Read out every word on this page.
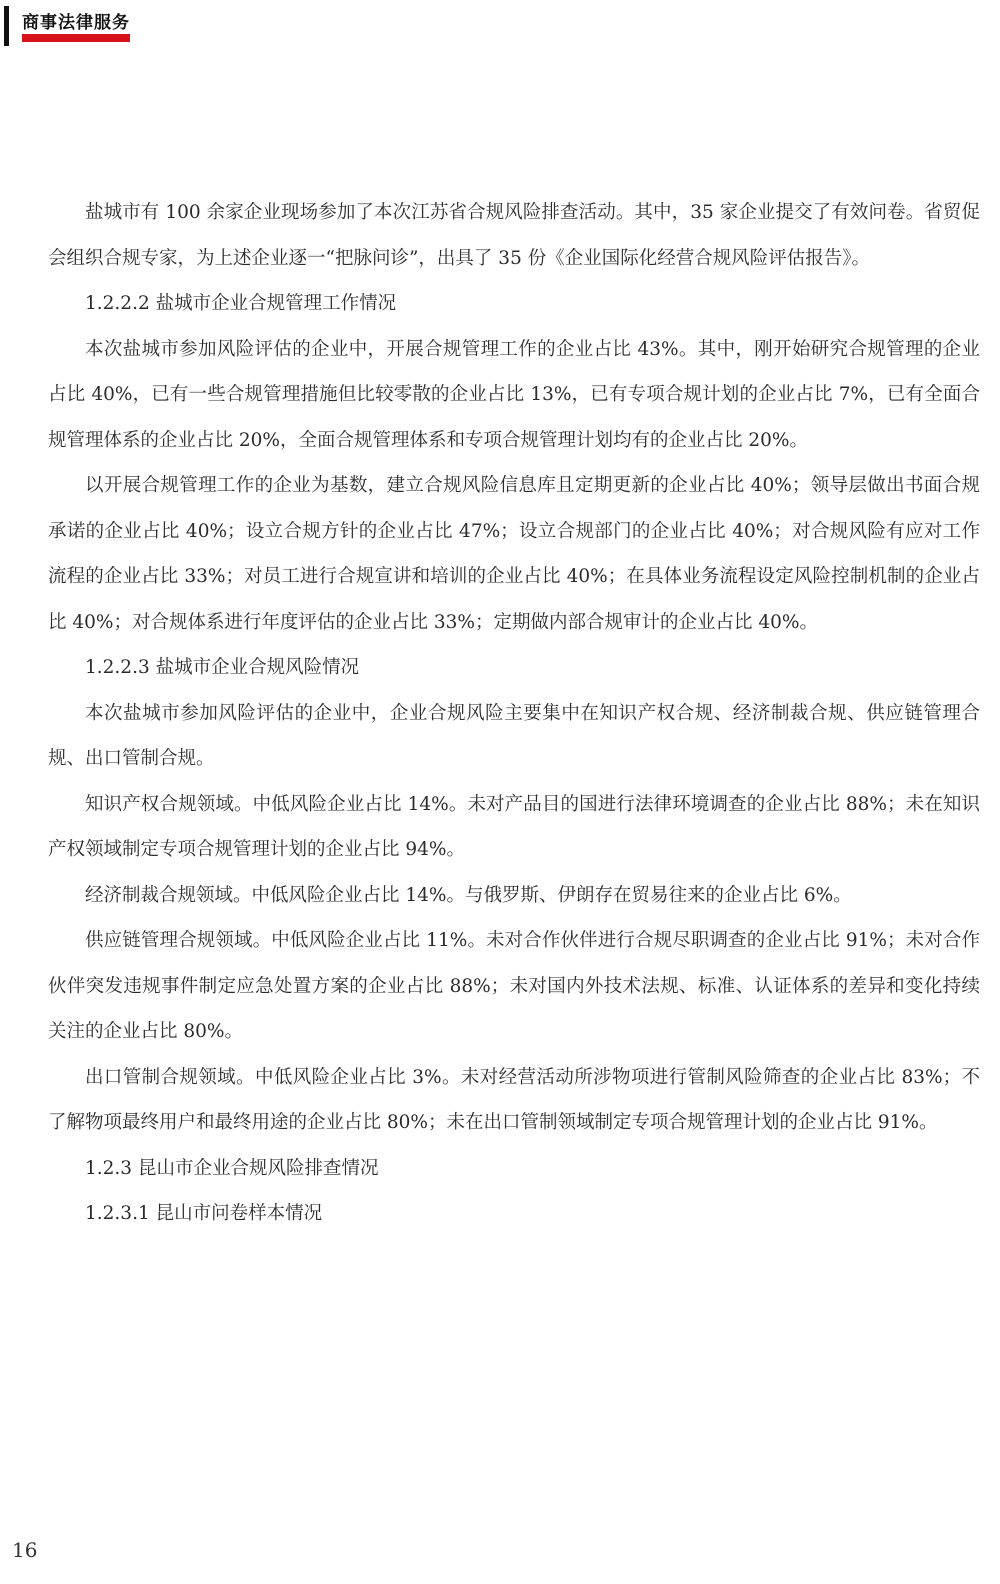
商事法律服务

盐城市有 100 余家企业现场参加了本次江苏省合规风险排查活动。其中，35 家企业提交了有效问卷。省贸促会组织合规专家，为上述企业逐一“把脉问诊”，出具了 35 份《企业国际化经营合规风险评估报告》。

1.2.2.2 盐城市企业合规管理工作情况

本次盐城市参加风险评估的企业中，开展合规管理工作的企业占比 43%。其中，刚开始研究合规管理的企业占比 40%，已有一些合规管理措施但比较零散的企业占比 13%，已有专项合规计划的企业占比 7%，已有全面合规管理体系的企业占比 20%，全面合规管理体系和专项合规管理计划均有的企业占比 20%。

以开展合规管理工作的企业为基数，建立合规风险信息库且定期更新的企业占比 40%；领导层做出书面合规承诺的企业占比 40%；设立合规方针的企业占比 47%；设立合规部门的企业占比 40%；对合规风险有应对工作流程的企业占比 33%；对员工进行合规宣讲和培训的企业占比 40%；在具体业务流程设定风险控制机制的企业占比 40%；对合规体系进行年度评估的企业占比 33%；定期做内部合规审计的企业占比 40%。

1.2.2.3 盐城市企业合规风险情况

本次盐城市参加风险评估的企业中，企业合规风险主要集中在知识产权合规、经济制裁合规、供应链管理合规、出口管制合规。

知识产权合规领域。中低风险企业占比 14%。未对产品目的国进行法律环境调查的企业占比 88%；未在知识产权领域制定专项合规管理计划的企业占比 94%。

经济制裁合规领域。中低风险企业占比 14%。与俄罗斯、伊朗存在贸易往来的企业占比 6%。

供应链管理合规领域。中低风险企业占比 11%。未对合作伙伴进行合规尽职调查的企业占比 91%；未对合作伙伴突发违规事件制定应急处置方案的企业占比 88%；未对国内外技术法规、标准、认证体系的差异和变化持续关注的企业占比 80%。

出口管制合规领域。中低风险企业占比 3%。未对经营活动所涉物项进行管制风险筛查的企业占比 83%；不了解物项最终用户和最终用途的企业占比 80%；未在出口管制领域制定专项合规管理计划的企业占比 91%。

1.2.3 昆山市企业合规风险排查情况

1.2.3.1 昆山市问卷样本情况

16
